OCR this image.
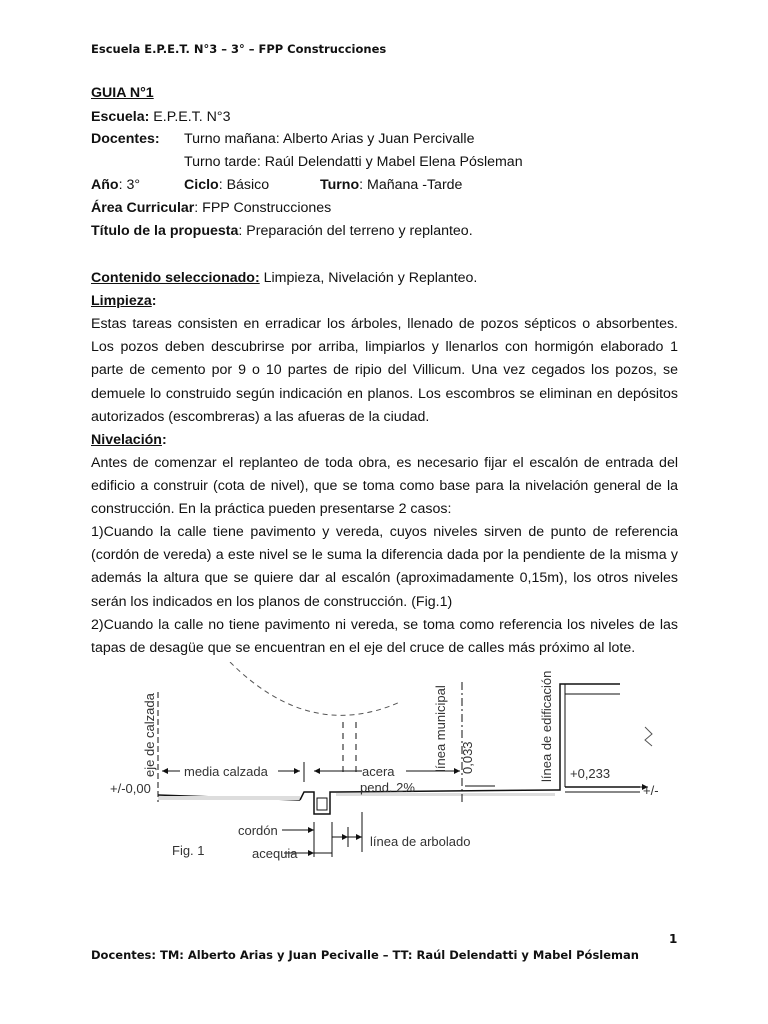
Escuela E.P.E.T. N°3 – 3° – FPP Construcciones
GUIA N°1
Escuela: E.P.E.T. N°3
Docentes: Turno mañana: Alberto Arias y Juan Percivalle
Turno tarde: Raúl Delendatti y Mabel Elena Pósleman
Año: 3°	Ciclo: Básico	Turno: Mañana -Tarde
Área Curricular: FPP Construcciones
Título de la propuesta: Preparación del terreno y replanteo.
Contenido seleccionado: Limpieza, Nivelación y Replanteo.
Limpieza:

Estas tareas consisten en erradicar los árboles, llenado de pozos sépticos o absorbentes. Los pozos deben descubrirse por arriba, limpiarlos y llenarlos con hormigón elaborado 1 parte de cemento por 9 o 10 partes de ripio del Villicum. Una vez cegados los pozos, se demuele lo construido según indicación en planos. Los escombros se eliminan en depósitos autorizados (escombreras) a las afueras de la ciudad.

Nivelación:

Antes de comenzar el replanteo de toda obra, es necesario fijar el escalón de entrada del edificio a construir (cota de nivel), que se toma como base para la nivelación general de la construcción. En la práctica pueden presentarse 2 casos:

1)Cuando la calle tiene pavimento y vereda, cuyos niveles sirven de punto de referencia (cordón de vereda) a este nivel se le suma la diferencia dada por la pendiente de la misma y además la altura que se quiere dar al escalón (aproximadamente 0,15m), los otros niveles serán los indicados en los planos de construcción. (Fig.1)

2)Cuando la calle no tiene pavimento ni vereda, se toma como referencia los niveles de las tapas de desagüe que se encuentran en el eje del cruce de calles más próximo al lote.

eje de calzada media calzada	acera
pend. 2%
línea municipal 0,033	línea de edificación +0,233
+/-0,00	+/-
cordón
acequia
línea de arbolado
Fig. 1
1
Docentes: TM: Alberto Arias y Juan Pecivalle – TT: Raúl Delendatti y Mabel Pósleman
